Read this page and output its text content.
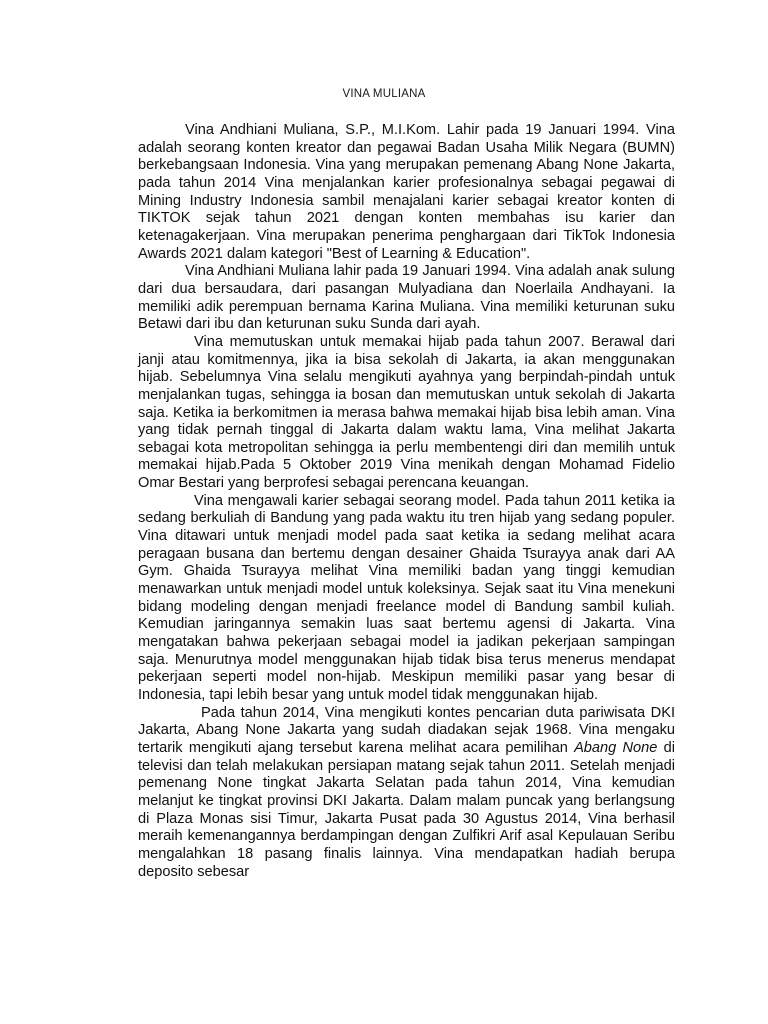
VINA MULIANA

Vina Andhiani Muliana, S.P., M.I.Kom. Lahir pada 19 Januari 1994. Vina adalah seorang konten kreator dan pegawai Badan Usaha Milik Negara (BUMN) berkebangsaan Indonesia. Vina yang merupakan pemenang Abang None Jakarta, pada tahun 2014 Vina menjalankan karier profesionalnya sebagai pegawai di Mining Industry Indonesia sambil menajalani karier sebagai kreator konten di TIKTOK sejak tahun 2021 dengan konten membahas isu karier dan ketenagakerjaan. Vina merupakan penerima penghargaan dari TikTok Indonesia Awards 2021 dalam kategori "Best of Learning & Education".

Vina Andhiani Muliana lahir pada 19 Januari 1994. Vina adalah anak sulung dari dua bersaudara, dari pasangan Mulyadiana dan Noerlaila Andhayani. Ia memiliki adik perempuan bernama Karina Muliana. Vina memiliki keturunan suku Betawi dari ibu dan keturunan suku Sunda dari ayah.

Vina memutuskan untuk memakai hijab pada tahun 2007. Berawal dari janji atau komitmennya, jika ia bisa sekolah di Jakarta, ia akan menggunakan hijab. Sebelumnya Vina selalu mengikuti ayahnya yang berpindah-pindah untuk menjalankan tugas, sehingga ia bosan dan memutuskan untuk sekolah di Jakarta saja. Ketika ia berkomitmen ia merasa bahwa memakai hijab bisa lebih aman. Vina yang tidak pernah tinggal di Jakarta dalam waktu lama, Vina melihat Jakarta sebagai kota metropolitan sehingga ia perlu membentengi diri dan memilih untuk memakai hijab.Pada 5 Oktober 2019 Vina menikah dengan Mohamad Fidelio Omar Bestari yang berprofesi sebagai perencana keuangan.

Vina mengawali karier sebagai seorang model. Pada tahun 2011 ketika ia sedang berkuliah di Bandung yang pada waktu itu tren hijab yang sedang populer. Vina ditawari untuk menjadi model pada saat ketika ia sedang melihat acara peragaan busana dan bertemu dengan desainer Ghaida Tsurayya anak dari AA Gym. Ghaida Tsurayya melihat Vina memiliki badan yang tinggi kemudian menawarkan untuk menjadi model untuk koleksinya. Sejak saat itu Vina menekuni bidang modeling dengan menjadi freelance model di Bandung sambil kuliah. Kemudian jaringannya semakin luas saat bertemu agensi di Jakarta. Vina mengatakan bahwa pekerjaan sebagai model ia jadikan pekerjaan sampingan saja. Menurutnya model menggunakan hijab tidak bisa terus menerus mendapat pekerjaan seperti model non-hijab. Meskipun memiliki pasar yang besar di Indonesia, tapi lebih besar yang untuk model tidak menggunakan hijab.

Pada tahun 2014, Vina mengikuti kontes pencarian duta pariwisata DKI Jakarta, Abang None Jakarta yang sudah diadakan sejak 1968. Vina mengaku tertarik mengikuti ajang tersebut karena melihat acara pemilihan Abang None di televisi dan telah melakukan persiapan matang sejak tahun 2011. Setelah menjadi pemenang None tingkat Jakarta Selatan pada tahun 2014, Vina kemudian melanjut ke tingkat provinsi DKI Jakarta. Dalam malam puncak yang berlangsung di Plaza Monas sisi Timur, Jakarta Pusat pada 30 Agustus 2014, Vina berhasil meraih kemenangannya berdampingan dengan Zulfikri Arif asal Kepulauan Seribu mengalahkan 18 pasang finalis lainnya. Vina mendapatkan hadiah berupa deposito sebesar
